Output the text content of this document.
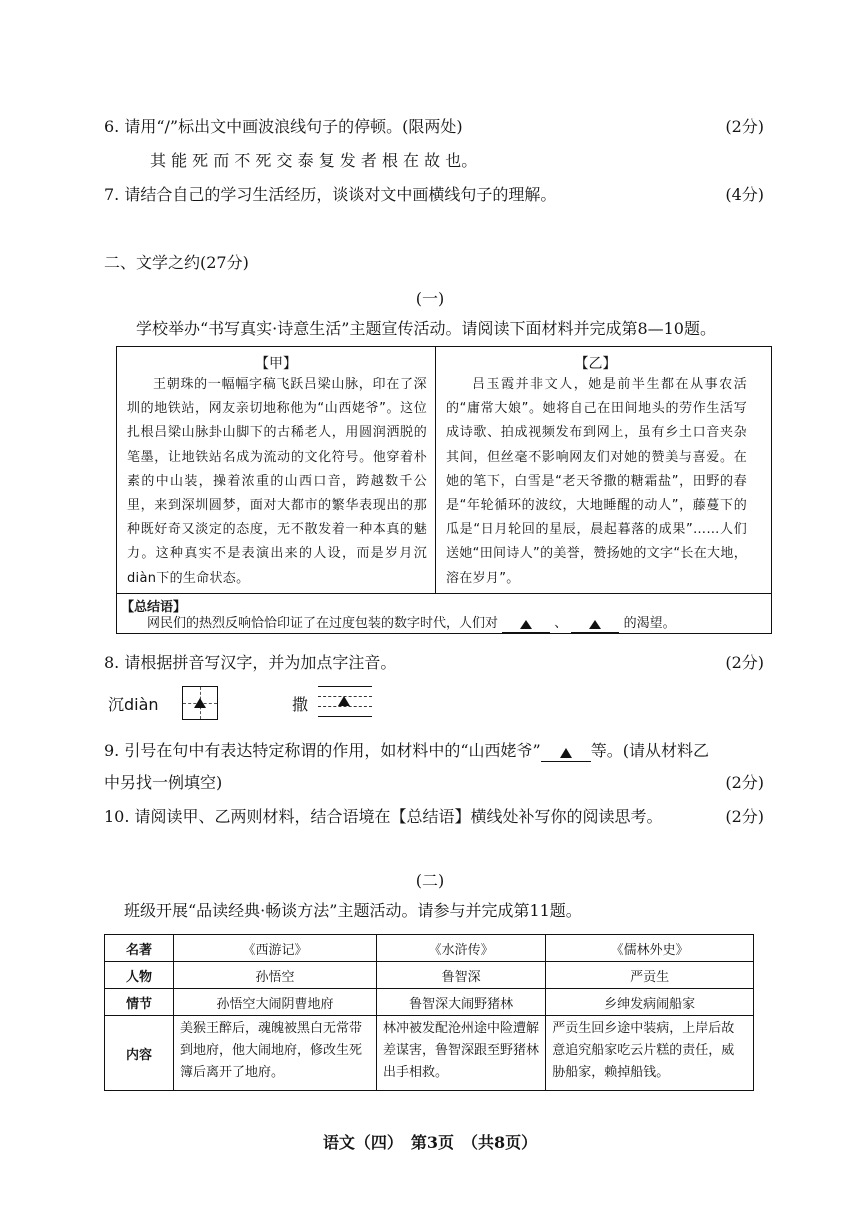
6. 请用“/”标出文中画波浪线句子的停顿。(限两处)	(2分)
其 能 死 而 不 死 交 泰 复 发 者 根 在 故 也。
7. 请结合自己的学习生活经历，谈谈对文中画横线句子的理解。	(4分)
二、文学之约(27分)
(一)
学校举办“书写真实·诗意生活”主题宣传活动。请阅读下面材料并完成第8—10题。
【甲】
王朝珠的一幅幅字稿飞跃吕梁山脉，印在了深圳的地铁站，网友亲切地称他为“山西姥爷”。这位扎根吕梁山脉卦山脚下的古稀老人，用圆润洒脱的笔墨，让地铁站名成为流动的文化符号。他穿着朴素的中山装，操着浓重的山西口音，跨越数千公里，来到深圳圆梦，面对大都市的繁华表现出的那种既好奇又淡定的态度，无不散发着一种本真的魅力。这种真实不是表演出来的人设，而是岁月沉diàn下的生命状态。
【乙】
吕玉霞并非文人，她是前半生都在从事农活的“庸常大娘”。她将自己在田间地头的劳作生活写成诗歌、拍成视频发布到网上，虽有乡土口音夹杂其间，但丝毫不影响网友们对她的赞美与喜爱。在她的笔下，白雪是“老天爷撒的糖霜盐”，田野的春是“年轮循环的波纹，大地睡醒的动人”，藤蔓下的瓜是“日月轮回的星辰，晨起暮落的成果”……人们送她“田间诗人”的美誉，赞扬她的文字“长在大地，溶在岁月”。
【总结语】
网民们的热烈反响恰恰印证了在过度包装的数字时代，人们对	、	的渴望。
8. 请根据拼音写汉字，并为加点字注音。	(2分)
沉diàn	撒
9. 引号在句中有表达特定称谓的作用，如材料中的“山西姥爷”	等。(请从材料乙
中另找一例填空)	(2分)
10. 请阅读甲、乙两则材料，结合语境在【总结语】横线处补写你的阅读思考。	(2分)
(二)
班级开展“品读经典·畅谈方法”主题活动。请参与并完成第11题。
名著	《西游记》	《水浒传》	《儒林外史》
人物	孙悟空	鲁智深	严贡生
情节	孙悟空大闹阴曹地府	鲁智深大闹野猪林	乡绅发病闹船家
内容	美猴王醉后，魂魄被黑白无常带到地府，他大闹地府，修改生死簿后离开了地府。	林冲被发配沧州途中险遭解差谋害，鲁智深跟至野猪林出手相救。	严贡生回乡途中装病，上岸后故意追究船家吃云片糕的责任，威胁船家，赖掉船钱。
语文（四）　第3页　（共8页）
